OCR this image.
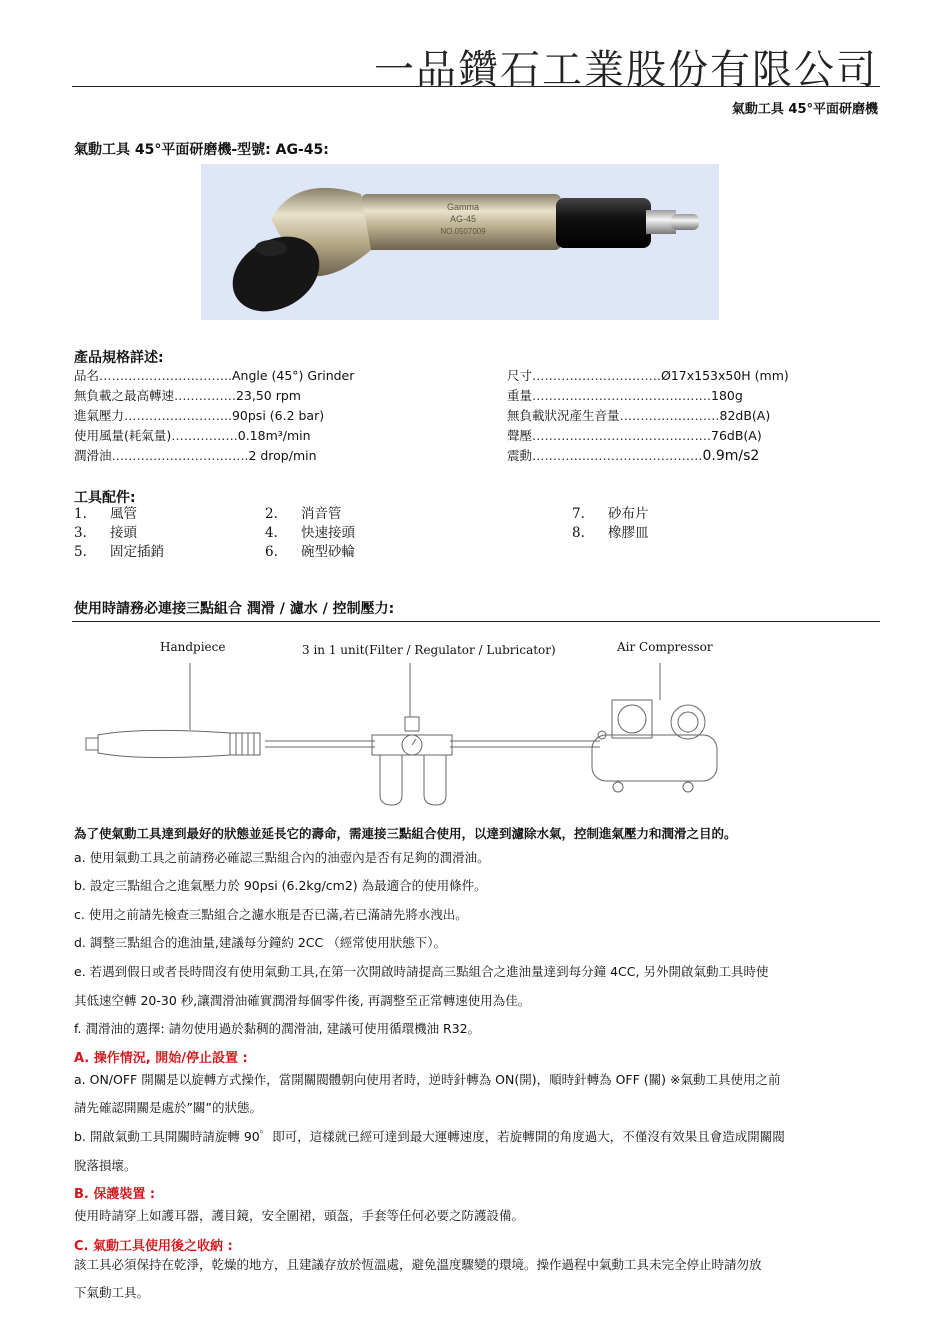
一品鑽石工業股份有限公司
氣動工具 45°平面研磨機
氣動工具 45°平面研磨機-型號: AG-45:
Gamma
AG-45
NO.0507009
產品規格詳述:
品名…………………………..Angle (45°) Grinder
無負載之最高轉速…..……….23,50 rpm
進氣壓力……………………..90psi (6.2 bar)
使用風量(耗氣量)…………….0.18m³/min
潤滑油……….…………………..2 drop/min
尺寸………………………….Ø17x153x50H (mm)
重量…………………………………….180g
無負載狀況產生音量……………………82dB(A)
聲壓…………………………………….76dB(A)
震動…………..………………………0.9m/s2
工具配件:
1. 風管	2. 消音管	7. 砂布片
3. 接頭	4. 快速接頭	8. 橡膠皿
5. 固定插銷	6. 碗型砂輪
使用時請務必連接三點組合 潤滑 / 濾水 / 控制壓力:
Handpiece	3 in 1 unit(Filter / Regulator / Lubricator)	Air Compressor
為了使氣動工具達到最好的狀態並延長它的壽命，需連接三點組合使用，以達到濾除水氣，控制進氣壓力和潤滑之目的。
a. 使用氣動工具之前請務必確認三點組合內的油壺內是否有足夠的潤滑油。
b. 設定三點組合之進氣壓力於 90psi (6.2kg/cm2) 為最適合的使用條件。
c. 使用之前請先檢查三點組合之濾水瓶是否已滿,若已滿請先將水洩出。
d. 調整三點組合的進油量,建議每分鐘約 2CC （經常使用狀態下）。
e. 若遇到假日或者長時間沒有使用氣動工具,在第一次開啟時請提高三點組合之進油量達到每分鐘 4CC, 另外開啟氣動工具時使
其低速空轉 20-30 秒,讓潤滑油確實潤滑每個零件後, 再調整至正常轉速使用為佳。
f. 潤滑油的選擇: 請勿使用過於黏稠的潤滑油, 建議可使用循環機油 R32。
A. 操作情況, 開始/停止設置 :
a. ON/OFF 開關是以旋轉方式操作，當開關閥體朝向使用者時，逆時針轉為 ON(開)，順時針轉為 OFF (關) ※氣動工具使用之前
請先確認開關是處於”關”的狀態。
b. 開啟氣動工具開關時請旋轉 90゜即可，這樣就已經可達到最大運轉速度，若旋轉開的角度過大，不僅沒有效果且會造成開關閥
脫落損壞。
B. 保護裝置 :
使用時請穿上如護耳器，護目鏡，安全圍裙，頭盔，手套等任何必要之防護設備。
C. 氣動工具使用後之收納 :
該工具必須保持在乾淨，乾燥的地方，且建議存放於恆溫處，避免溫度驟變的環境。操作過程中氣動工具未完全停止時請勿放
下氣動工具。
